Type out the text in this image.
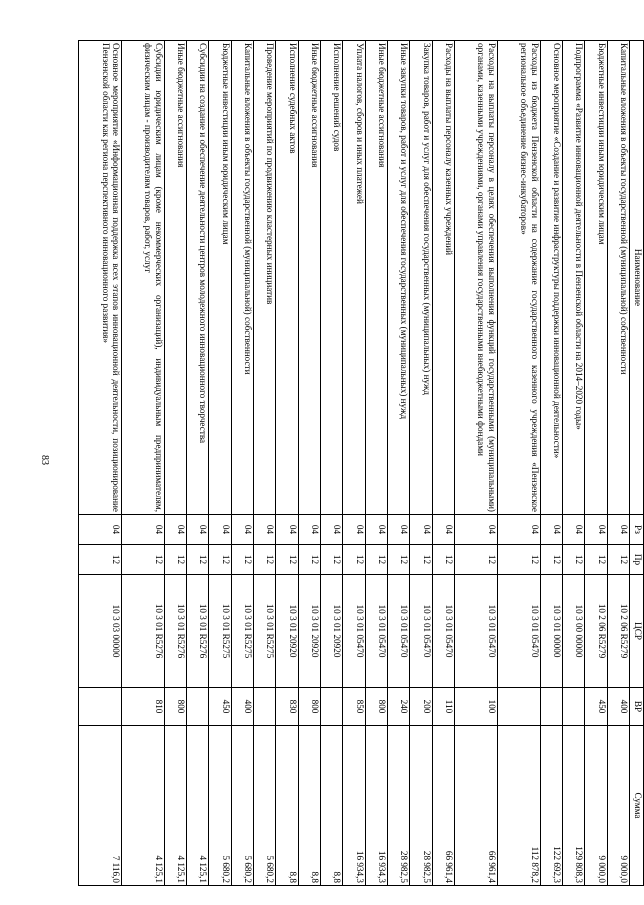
83
Наименование	Рз	Пр	ЦСР	ВР	Сумма
Капитальные вложения в объекты государственной (муниципальной) собственности	04	12	10 2 06 R5279	400	9 000,0
Бюджетные инвестиции иным юридическим лицам	04	12	10 2 06 R5279	450	9 000,0
Подпрограмма «Развитие инновационной деятельности в Пензенской области на 2014–2020 годы»	04	12	10 3 00 00000		129 808,3
Основное мероприятие «Создание и развитие инфраструктуры поддержки инновационной деятельности»	04	12	10 3 01 00000		122 692,3
Расходы из бюджета Пензенской области на содержание государственного казенного учреждения «Пензенское региональное объединение бизнес-инкубаторов»	04	12	10 3 01 05470		112 878,2
Расходы на выплаты персоналу в целях обеспечения выполнения функций государственными (муниципальными) органами, казенными учреждениями, органами управления государственными внебюджетными фондами	04	12	10 3 01 05470	100	66 961,4
Расходы на выплаты персоналу казенных учреждений	04	12	10 3 01 05470	110	66 961,4
Закупка товаров, работ и услуг для обеспечения государственных (муниципальных) нужд	04	12	10 3 01 05470	200	28 982,5
Иные закупки товаров, работ и услуг для обеспечения государственных (муниципальных) нужд	04	12	10 3 01 05470	240	28 982,5
Иные бюджетные ассигнования	04	12	10 3 01 05470	800	16 934,3
Уплата налогов, сборов и иных платежей	04	12	10 3 01 05470	850	16 934,3
Исполнение решений судов	04	12	10 3 01 20920		8,8
Иные бюджетные ассигнования	04	12	10 3 01 20920	800	8,8
Исполнение судебных актов	04	12	10 3 01 20920	830	8,8
Проведение мероприятий по продвижению кластерных инициатив	04	12	10 3 01 R5275		5 680,2
Капитальные вложения в объекты государственной (муниципальной) собственности	04	12	10 3 01 R5275	400	5 680,2
Бюджетные инвестиции иным юридическим лицам	04	12	10 3 01 R5275	450	5 680,2
Субсидии на создание и обеспечение деятельности центров молодежного инновационного творчества	04	12	10 3 01 R5276		4 125,1
Иные бюджетные ассигнования	04	12	10 3 01 R5276	800	4 125,1
Субсидии юридическим лицам (кроме некоммерческих организаций), индивидуальным предпринимателям, физическим лицам - производителям товаров, работ, услуг	04	12	10 3 01 R5276	810	4 125,1
Основное мероприятие «Информационная поддержка всех этапов инновационной деятельности, позиционирование Пензенской области как региона перспективного инновационного развития»	04	12	10 3 03 00000		7 116,0
